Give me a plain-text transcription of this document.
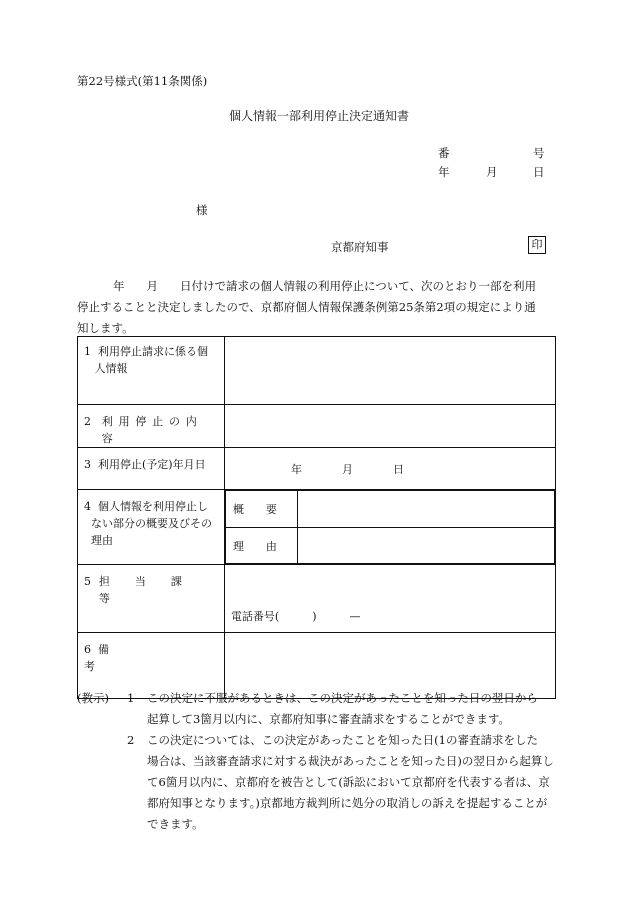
第22号様式(第11条関係)
個人情報一部利用停止決定通知書
番	号
年	月	日
様
京都府知事	印
年 月 日付けで請求の個人情報の利用停止について、次のとおり一部を利用
停止することと決定しましたので、京都府個人情報保護条例第25条第2項の規定により通
知します。
1 利用停止請求に係る個
人情報

2 利用停止の内容

3 利用停止(予定)年月日	年	月	日

4 個人情報を利用停止し
ない部分の概要及びその
理由

概　　要	
理　　由	

5 担当課等

電話番号(　　　)　　　—

6 備考

(教示)	1	この決定に不服があるときは、この決定があったことを知った日の翌日から
起算して3箇月以内に、京都府知事に審査請求をすることができます。
2	この決定については、この決定があったことを知った日(1の審査請求をした
場合は、当該審査請求に対する裁決があったことを知った日)の翌日から起算し
て6箇月以内に、京都府を被告として(訴訟において京都府を代表する者は、京
都府知事となります。)京都地方裁判所に処分の取消しの訴えを提起することが
できます。
